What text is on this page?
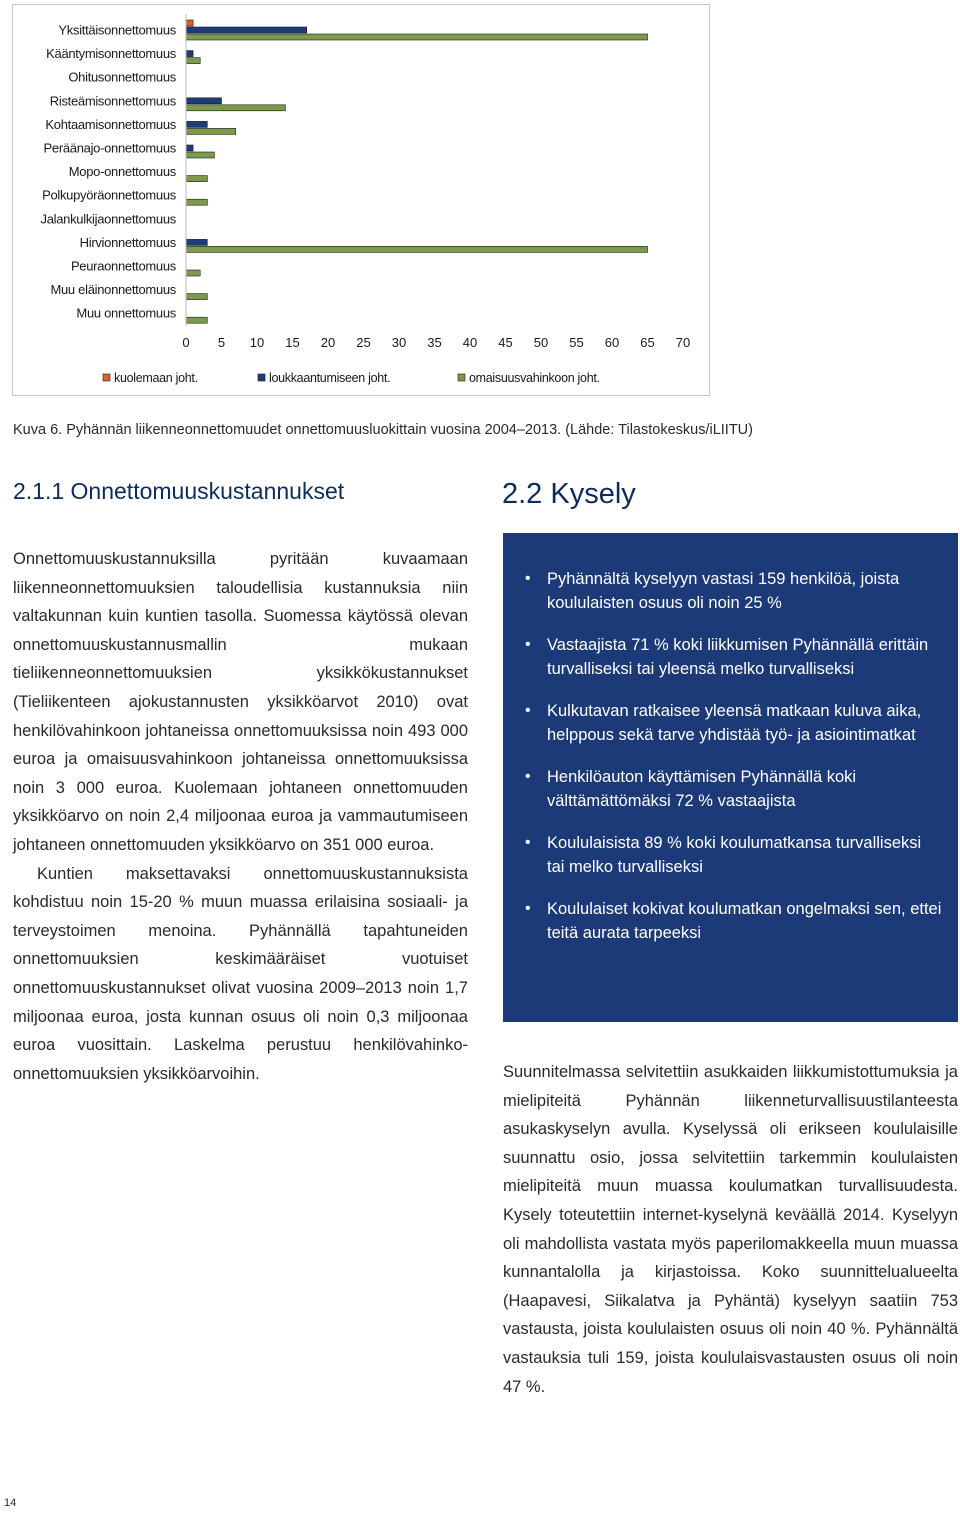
Yksittäisonnettomuus
Kääntymisonnettomuus
Ohitusonnettomuus
Risteämisonnettomuus
Kohtaamisonnettomuus
Peräänajo-onnettomuus
Mopo-onnettomuus
Polkupyöräonnettomuus
Jalankulkijaonnettomuus
Hirvionnettomuus
Peuraonnettomuus
Muu eläinonnettomuus
Muu onnettomuus
0 5 10 15 20 25 30 35 40 45 50 55 60 65 70
kuolemaan joht.	loukkaantumiseen joht.	omaisuusvahinkoon joht.

Kuva 6. Pyhännän liikenneonnettomuudet onnettomuusluokittain vuosina 2004–2013. (Lähde: Tilastokeskus/iLIITU)

2.1.1 Onnettomuuskustannukset	2.2 Kysely

Onnettomuuskustannuksilla pyritään kuvaamaan liikenneonnettomuuksien taloudellisia kustannuksia niin valtakunnan kuin kuntien tasolla. Suomessa käytössä olevan onnettomuuskustannusmallin mukaan tieliikenneonnettomuuksien yksikkökustannukset (Tieliikenteen ajokustannusten yksikköarvot 2010) ovat henkilövahinkoon johtaneissa onnettomuuksissa noin 493 000 euroa ja omaisuusvahinkoon johtaneissa onnettomuuksissa noin 3 000 euroa. Kuolemaan johtaneen onnettomuuden yksikköarvo on noin 2,4 miljoonaa euroa ja vammautumiseen johtaneen onnettomuuden yksikköarvo on 351 000 euroa.

Kuntien maksettavaksi onnettomuuskustannuksista kohdistuu noin 15-20 % muun muassa erilaisina sosiaali- ja terveystoimen menoina. Pyhännällä tapahtuneiden onnettomuuksien keskimääräiset vuotuiset onnettomuuskustannukset olivat vuosina 2009–2013 noin 1,7 miljoonaa euroa, josta kunnan osuus oli noin 0,3 miljoonaa euroa vuosittain. Laskelma perustuu henkilövahinko-onnettomuuksien yksikköarvoihin.

• Pyhännältä kyselyyn vastasi 159 henkilöä, joista koululaisten osuus oli noin 25 %
• Vastaajista 71 % koki liikkumisen Pyhännällä erittäin turvalliseksi tai yleensä melko turvalliseksi
• Kulkutavan ratkaisee yleensä matkaan kuluva aika, helppous sekä tarve yhdistää työ- ja asiointimatkat
• Henkilöauton käyttämisen Pyhännällä koki välttämättömäksi 72 % vastaajista
• Koululaisista 89 % koki koulumatkansa turvalliseksi tai melko turvalliseksi
• Koululaiset kokivat koulumatkan ongelmaksi sen, ettei teitä aurata tarpeeksi

Suunnitelmassa selvitettiin asukkaiden liikkumistottumuksia ja mielipiteitä Pyhännän liikenneturvallisuustilanteesta asukaskyselyn avulla. Kyselyssä oli erikseen koululaisille suunnattu osio, jossa selvitettiin tarkemmin koululaisten mielipiteitä muun muassa koulumatkan turvallisuudesta. Kysely toteutettiin internet-kyselynä keväällä 2014. Kyselyyn oli mahdollista vastata myös paperilomakkeella muun muassa kunnantalolla ja kirjastoissa. Koko suunnittelualueelta (Haapavesi, Siikalatva ja Pyhäntä) kyselyyn saatiin 753 vastausta, joista koululaisten osuus oli noin 40 %. Pyhännältä vastauksia tuli 159, joista koululaisvastausten osuus oli noin 47 %.

14
